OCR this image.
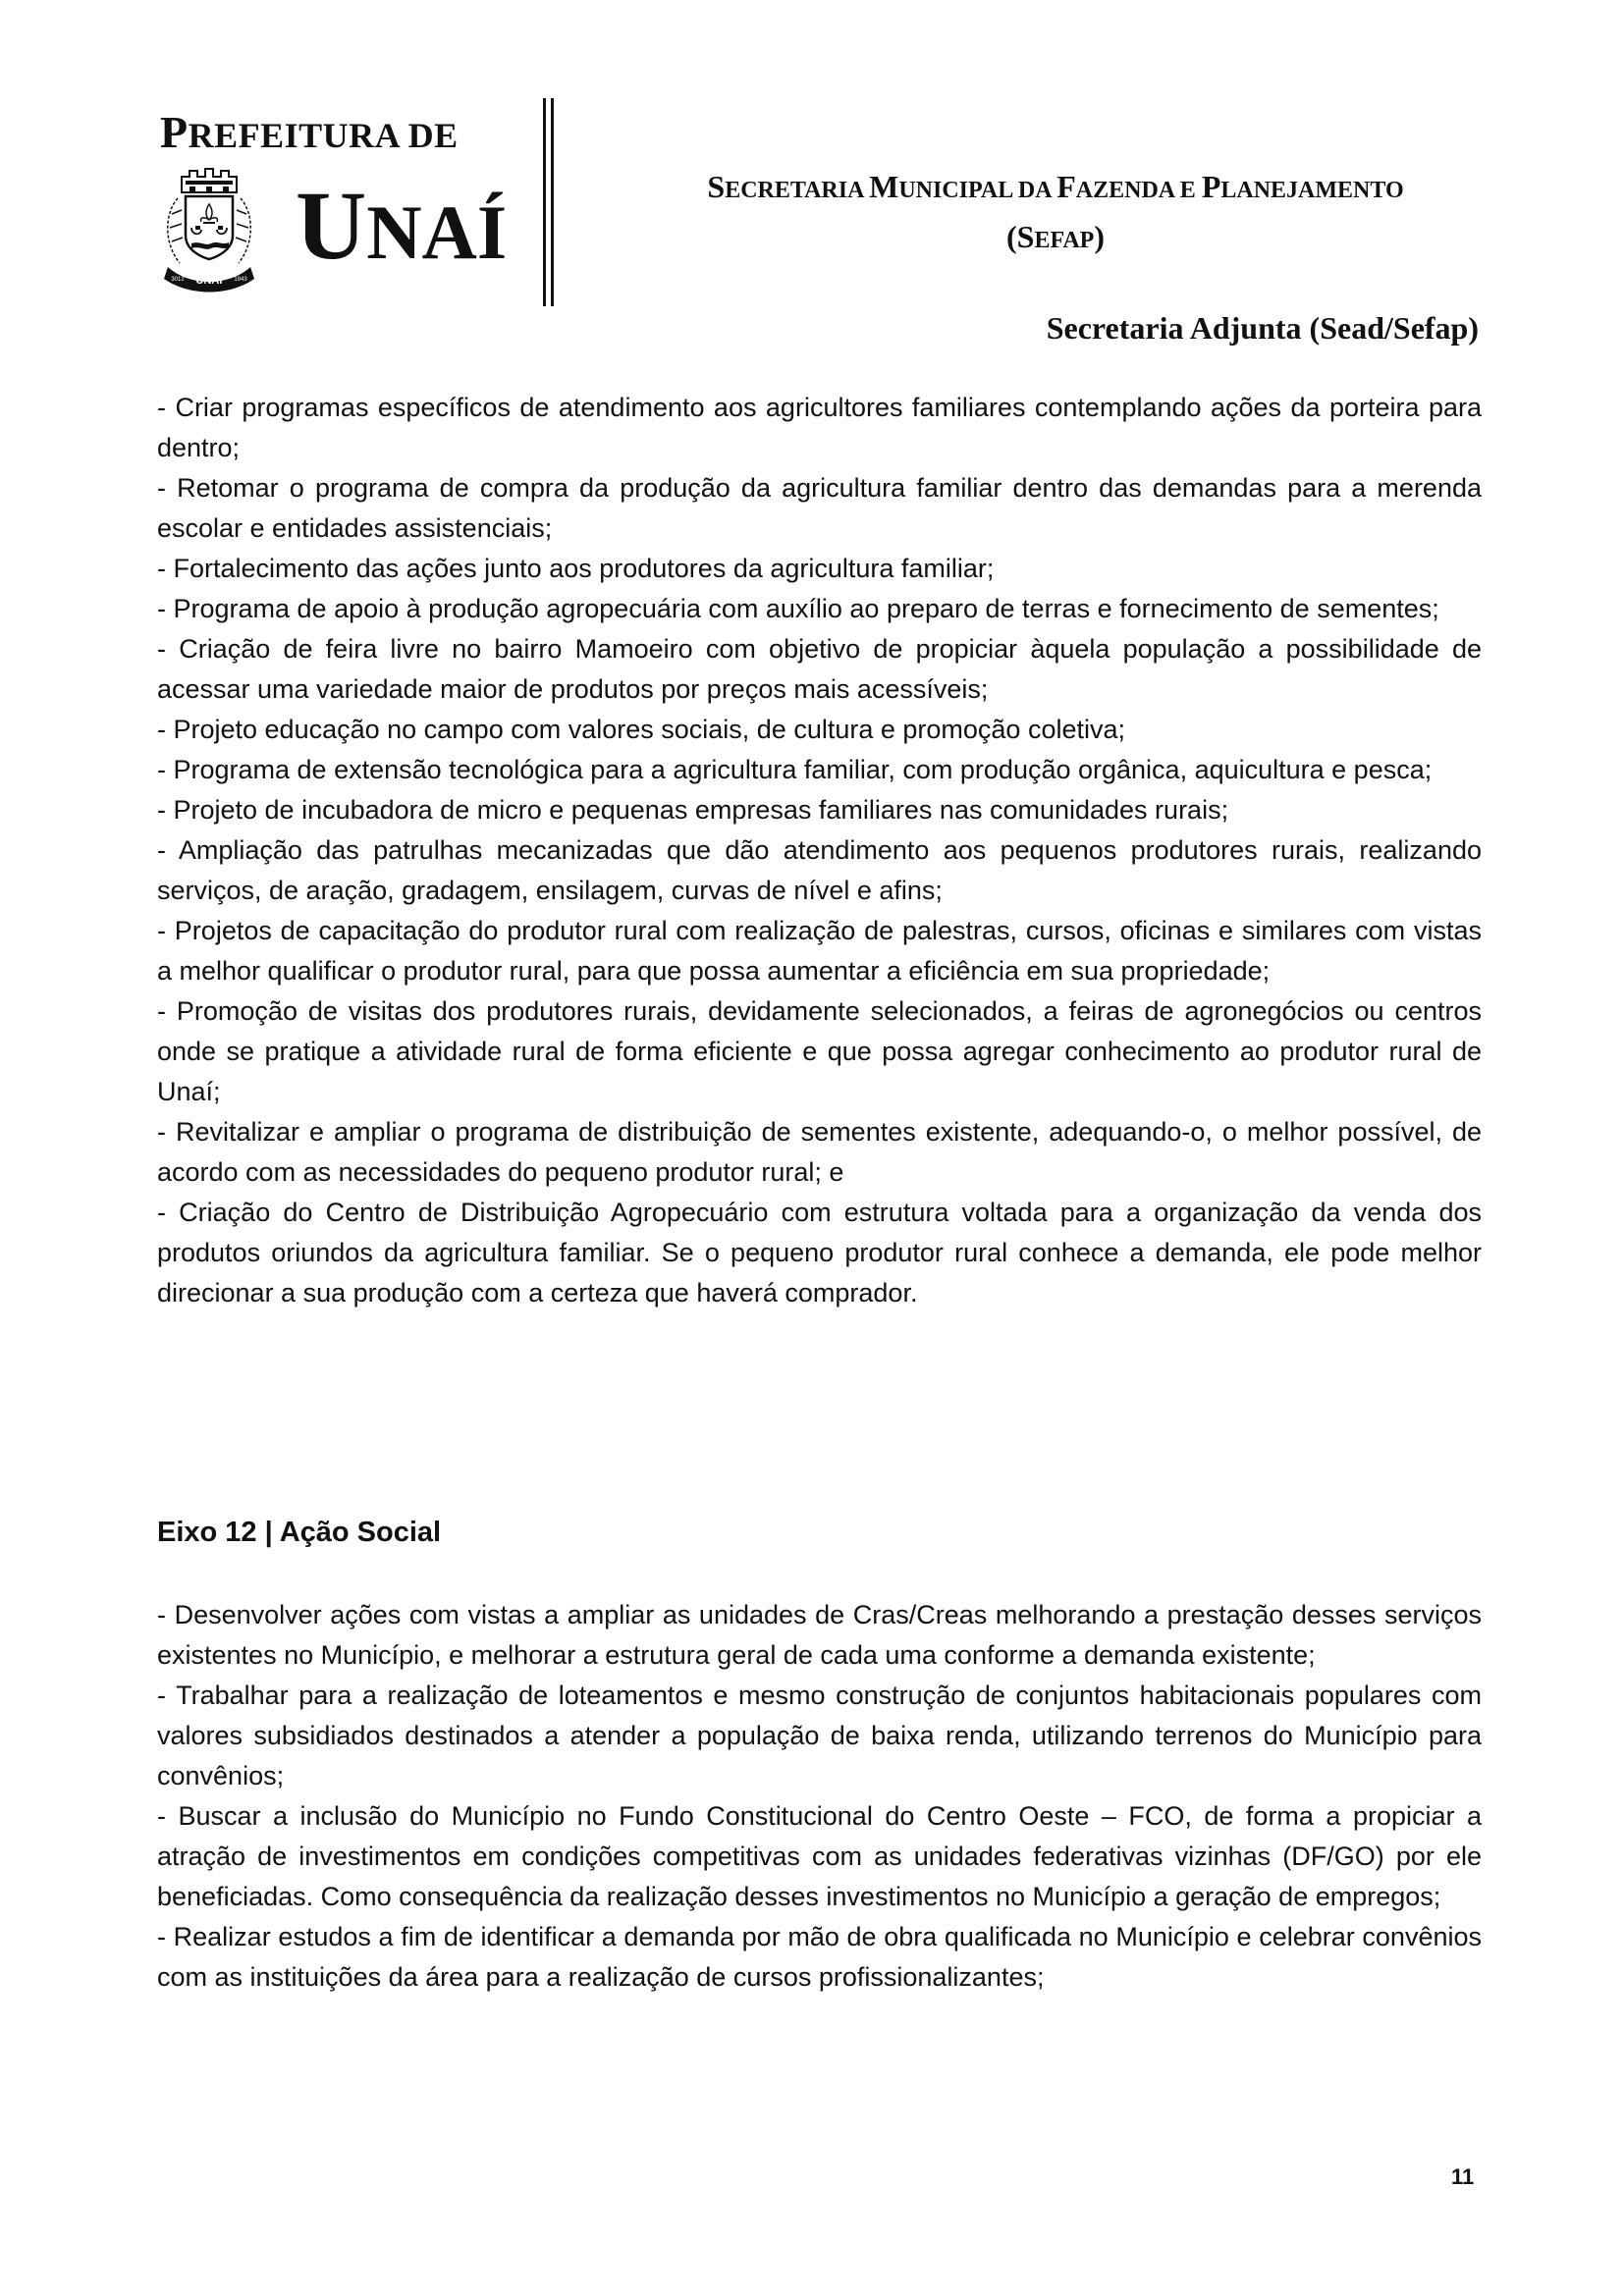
PREFEITURA DE
UNAÍ
3012	1943 UNAÍ
SECRETARIA MUNICIPAL DA FAZENDA E PLANEJAMENTO
(SEFAP)
Secretaria Adjunta (Sead/Sefap)

- Criar programas específicos de atendimento aos agricultores familiares contemplando ações da porteira para dentro;

- Retomar o programa de compra da produção da agricultura familiar dentro das demandas para a merenda escolar e entidades assistenciais;

- Fortalecimento das ações junto aos produtores da agricultura familiar;

- Programa de apoio à produção agropecuária com auxílio ao preparo de terras e fornecimento de sementes;

- Criação de feira livre no bairro Mamoeiro com objetivo de propiciar àquela população a possibilidade de acessar uma variedade maior de produtos por preços mais acessíveis;

- Projeto educação no campo com valores sociais, de cultura e promoção coletiva;

- Programa de extensão tecnológica para a agricultura familiar, com produção orgânica, aquicultura e pesca;

- Projeto de incubadora de micro e pequenas empresas familiares nas comunidades rurais;

- Ampliação das patrulhas mecanizadas que dão atendimento aos pequenos produtores rurais, realizando serviços, de aração, gradagem, ensilagem, curvas de nível e afins;

- Projetos de capacitação do produtor rural com realização de palestras, cursos, oficinas e similares com vistas a melhor qualificar o produtor rural, para que possa aumentar a eficiência em sua propriedade;

- Promoção de visitas dos produtores rurais, devidamente selecionados, a feiras de agronegócios ou centros onde se pratique a atividade rural de forma eficiente e que possa agregar conhecimento ao produtor rural de Unaí;

- Revitalizar e ampliar o programa de distribuição de sementes existente, adequando-o, o melhor possível, de acordo com as necessidades do pequeno produtor rural; e

- Criação do Centro de Distribuição Agropecuário com estrutura voltada para a organização da venda dos produtos oriundos da agricultura familiar. Se o pequeno produtor rural conhece a demanda, ele pode melhor direcionar a sua produção com a certeza que haverá comprador.

Eixo 12 | Ação Social

- Desenvolver ações com vistas a ampliar as unidades de Cras/Creas melhorando a prestação desses serviços existentes no Município, e melhorar a estrutura geral de cada uma conforme a demanda existente;

- Trabalhar para a realização de loteamentos e mesmo construção de conjuntos habitacionais populares com valores subsidiados destinados a atender a população de baixa renda, utilizando terrenos do Município para convênios;

- Buscar a inclusão do Município no Fundo Constitucional do Centro Oeste – FCO, de forma a propiciar a atração de investimentos em condições competitivas com as unidades federativas vizinhas (DF/GO) por ele beneficiadas. Como consequência da realização desses investimentos no Município a geração de empregos;

- Realizar estudos a fim de identificar a demanda por mão de obra qualificada no Município e celebrar convênios com as instituições da área para a realização de cursos profissionalizantes;

11
